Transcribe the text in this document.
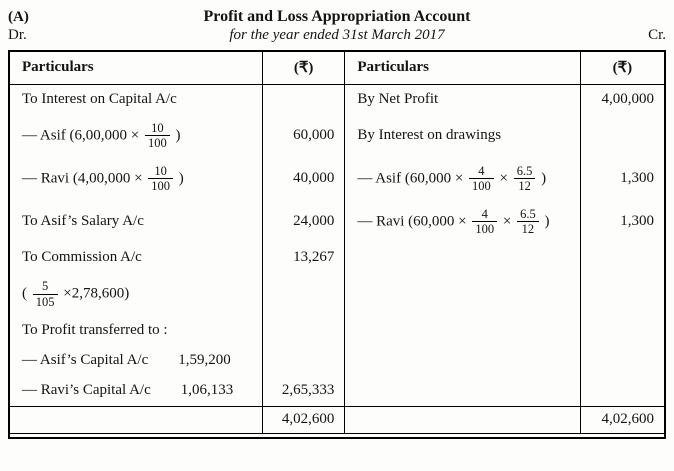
(A)	Profit and Loss Appropriation Account
Dr.	for the year ended 31st March 2017	Cr.
Particulars	(₹)	Particulars	(₹)
To Interest on Capital A/c		By Net Profit	4,00,000
— Asif ($6,00,000 \times \frac{10}{100}$ )	60,000	By Interest on drawings	
— Ravi ($4,00,000 \times \frac{10}{100}$ )	40,000	— Asif ($60,000 \times \frac{4}{100} \times \frac{6.5}{12}$ )	1,300
To Asif’s Salary A/c	24,000	— Ravi ($60,000 \times \frac{4}{100} \times \frac{6.5}{12}$ )	1,300
To Commission A/c	13,267		
( $\frac{5}{105} \times 2,78,600$)			
To Profit transferred to :			
— Asif’s Capital A/c 1,59,200			
— Ravi’s Capital A/c 1,06,133	2,65,333		
	4,02,600		4,02,600
